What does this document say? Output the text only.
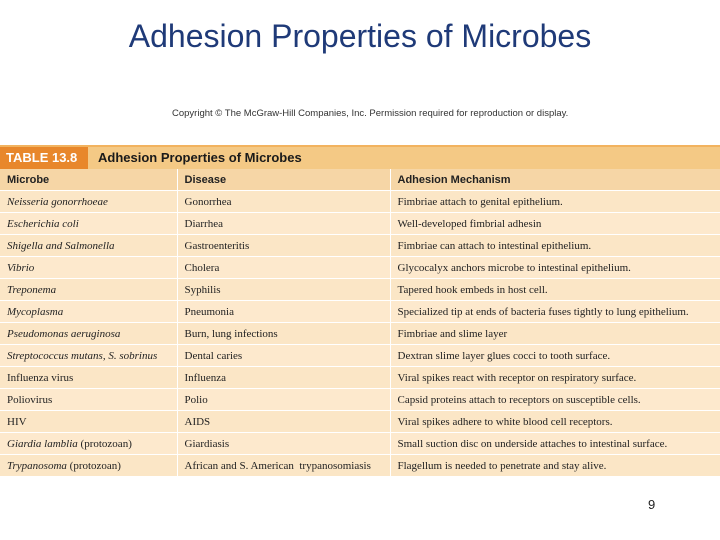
Adhesion Properties of Microbes
Copyright © The McGraw-Hill Companies, Inc. Permission required for reproduction or display.
TABLE 13.8	Adhesion Properties of Microbes
Microbe	Disease	Adhesion Mechanism
Neisseria gonorrhoeae	Gonorrhea	Fimbriae attach to genital epithelium.
Escherichia coli	Diarrhea	Well-developed fimbrial adhesin
Shigella and Salmonella	Gastroenteritis	Fimbriae can attach to intestinal epithelium.
Vibrio	Cholera	Glycocalyx anchors microbe to intestinal epithelium.
Treponema	Syphilis	Tapered hook embeds in host cell.
Mycoplasma	Pneumonia	Specialized tip at ends of bacteria fuses tightly to lung epithelium.
Pseudomonas aeruginosa	Burn, lung infections	Fimbriae and slime layer
Streptococcus mutans, S. sobrinus	Dental caries	Dextran slime layer glues cocci to tooth surface.
Influenza virus	Influenza	Viral spikes react with receptor on respiratory surface.
Poliovirus	Polio	Capsid proteins attach to receptors on susceptible cells.
HIV	AIDS	Viral spikes adhere to white blood cell receptors.
Giardia lamblia (protozoan)	Giardiasis	Small suction disc on underside attaches to intestinal surface.
Trypanosoma (protozoan)	African and S. American  trypanosomiasis	Flagellum is needed to penetrate and stay alive.
9
